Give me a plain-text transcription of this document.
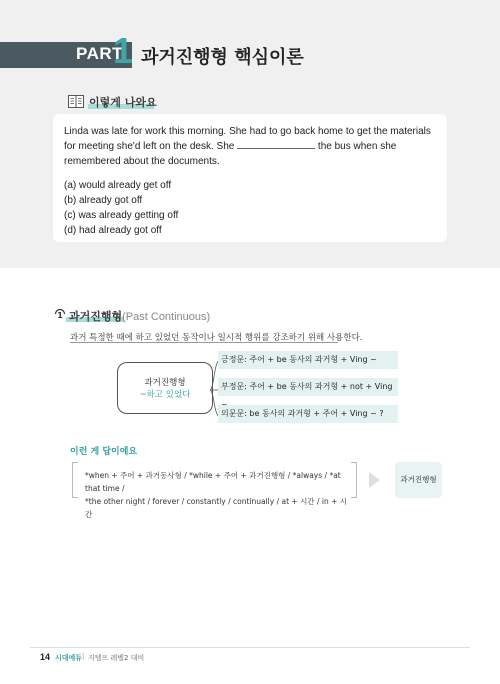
PART
1 과거진행형 핵심이론
이렇게 나와요
Linda was late for work this morning. She had to go back home to get the materials for meeting she'd left on the desk. She	the bus when she remembered about the documents.
(a) would already get off
(b) already got off
(c) was already getting off
(d) had already got off
1 과거진행형(Past Continuous)
과거 특정한 때에 하고 있었던 동작이나 일시적 행위를 강조하기 위해 사용한다.
과거진행형
~하고 있었다
긍정문: 주어 + be 동사의 과거형 + Ving ~
부정문: 주어 + be 동사의 과거형 + not + Ving
의문문: be 동사의 과거형 + 주어 + Ving ~ ?
이런 게 답이에요
*when + 주어 + 과거동사형 / *while + 주어 + 과거진행형 / *always / *at that time /
*the other night / forever / constantly / continually / at + 시간 / in + 시간
과거진행형
14 시대에듀 | 지텔프 레벨2 대비
